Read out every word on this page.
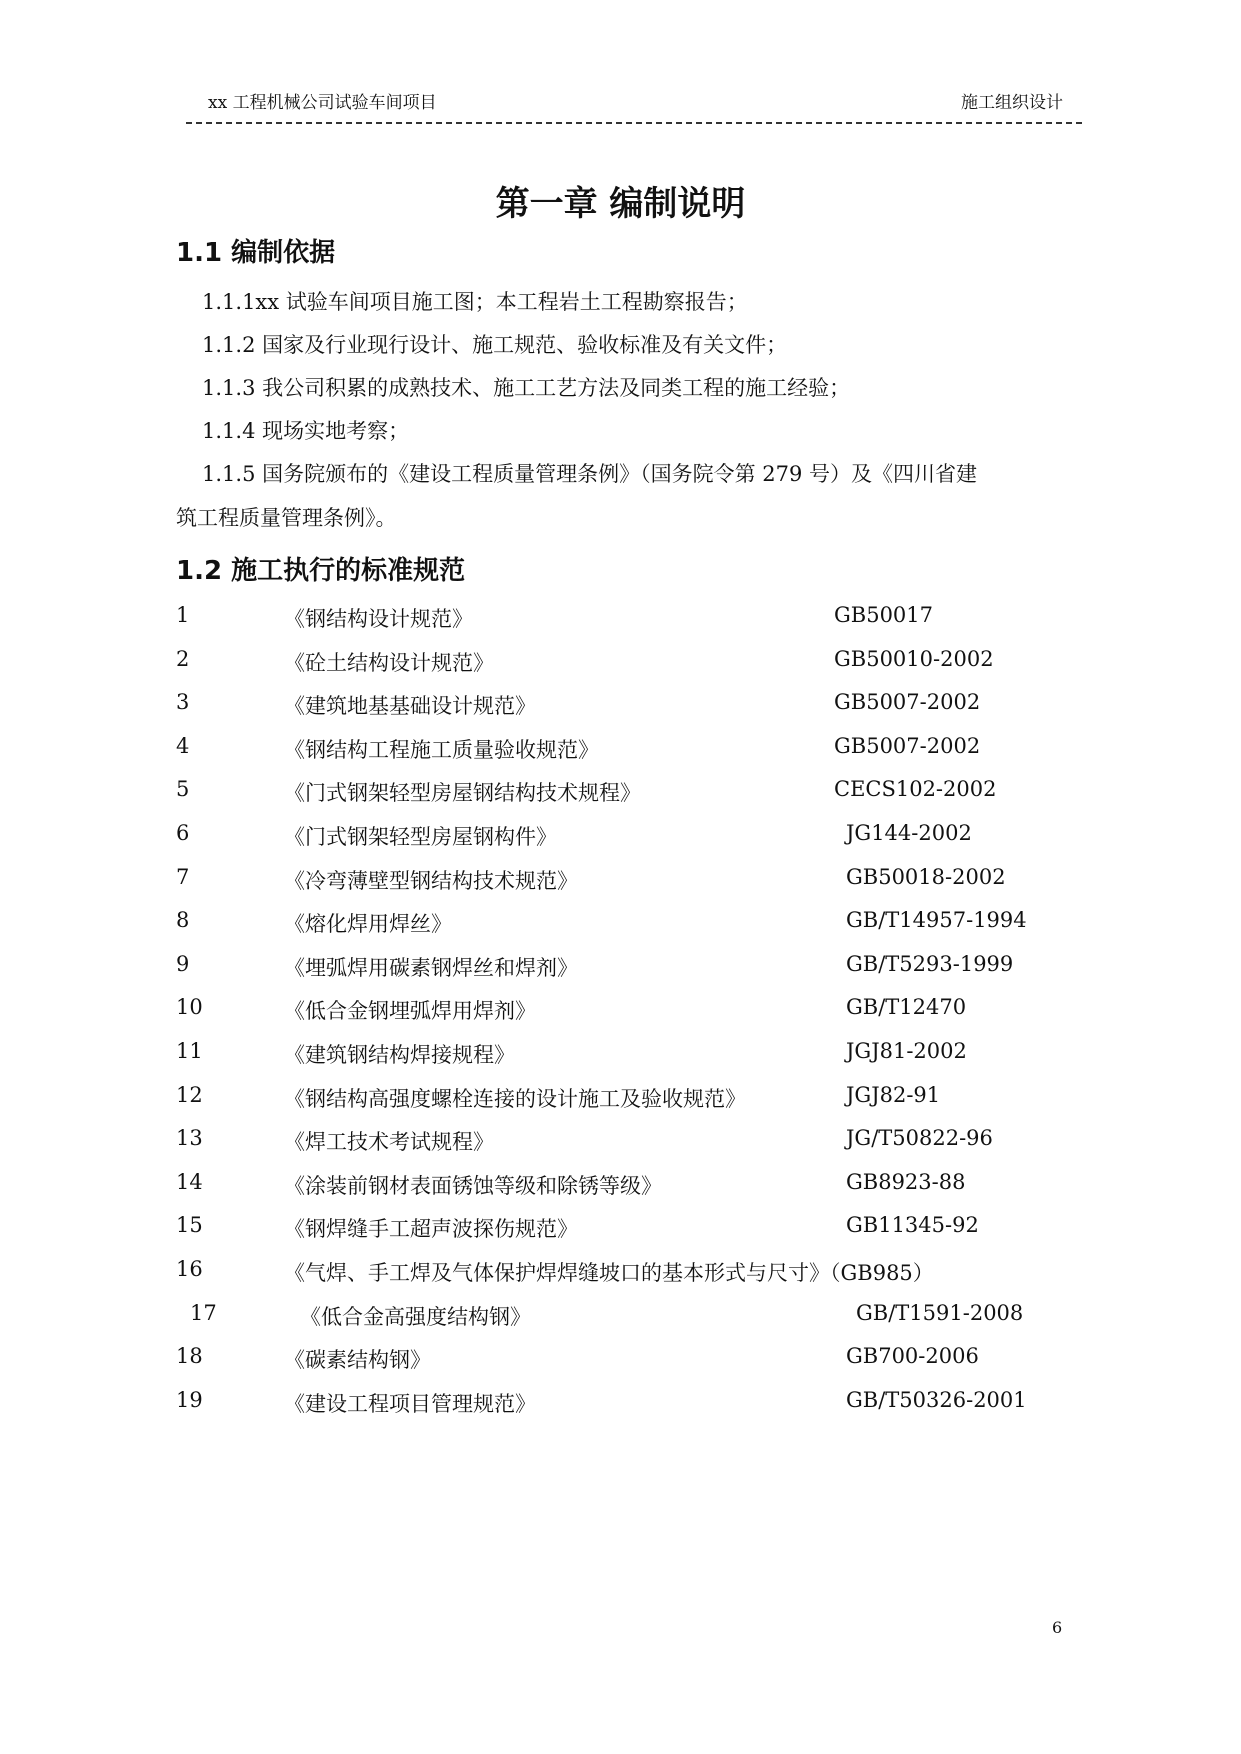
xx 工程机械公司试验车间项目	施工组织设计
第一章 编制说明
1.1 编制依据
1.1.1xx 试验车间项目施工图；本工程岩土工程勘察报告；
1.1.2 国家及行业现行设计、施工规范、验收标准及有关文件；
1.1.3 我公司积累的成熟技术、施工工艺方法及同类工程的施工经验；
1.1.4 现场实地考察；
1.1.5 国务院颁布的《建设工程质量管理条例》（国务院令第 279 号）及《四川省建
筑工程质量管理条例》。
1.2 施工执行的标准规范
1	《钢结构设计规范》	GB50017
2	《砼土结构设计规范》	GB50010-2002
3	《建筑地基基础设计规范》	GB5007-2002
4	《钢结构工程施工质量验收规范》	GB5007-2002
5	《门式钢架轻型房屋钢结构技术规程》	CECS102-2002
6	《门式钢架轻型房屋钢构件》	JG144-2002
7	《冷弯薄壁型钢结构技术规范》	GB50018-2002
8	《熔化焊用焊丝》	GB/T14957-1994
9	《埋弧焊用碳素钢焊丝和焊剂》	GB/T5293-1999
10	《低合金钢埋弧焊用焊剂》	GB/T12470
11	《建筑钢结构焊接规程》	JGJ81-2002
12	《钢结构高强度螺栓连接的设计施工及验收规范》	JGJ82-91
13	《焊工技术考试规程》	JG/T50822-96
14	《涂装前钢材表面锈蚀等级和除锈等级》	GB8923-88
15	《钢焊缝手工超声波探伤规范》	GB11345-92
16	《气焊、手工焊及气体保护焊焊缝坡口的基本形式与尺寸》（GB985）
17	《低合金高强度结构钢》	GB/T1591-2008
18	《碳素结构钢》	GB700-2006
19	《建设工程项目管理规范》	GB/T50326-2001
6
